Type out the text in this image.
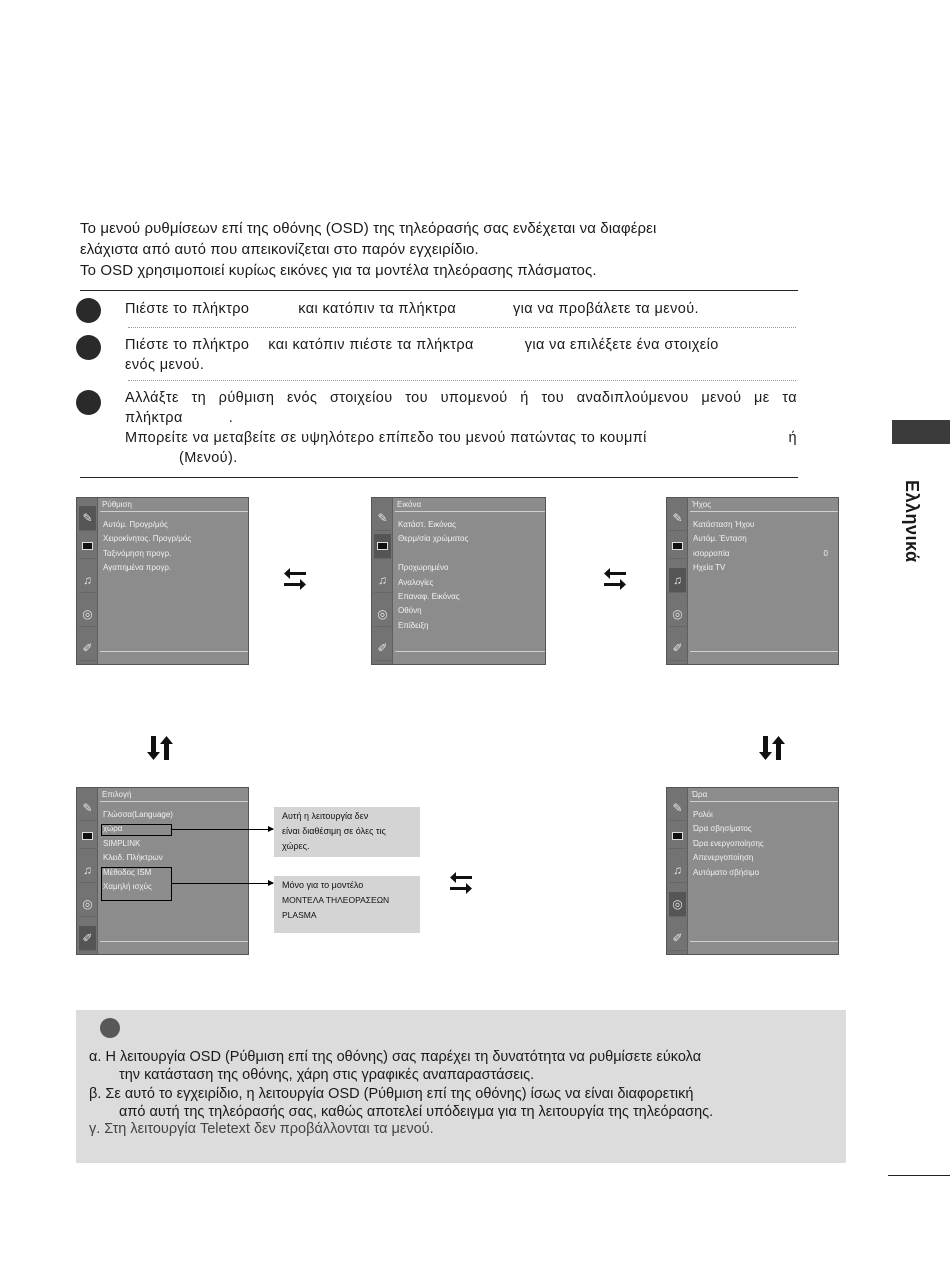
Το μενού ρυθμίσεων επί της οθόνης (OSD) της τηλεόρασής σας ενδέχεται να διαφέρει
ελάχιστα από αυτό που απεικονίζεται στο παρόν εγχειρίδιο.
Το OSD χρησιμοποιεί κυρίως εικόνες για τα μοντέλα τηλεόρασης πλάσματος.
Πιέστε το πλήκτρο	και κατόπιν τα πλήκτρα	για να προβάλετε τα μενού.
Πιέστε το πλήκτρο και κατόπιν πιέστε τα πλήκτρα	για να επιλέξετε ένα στοιχείο
ενός μενού.
Αλλάξτε τη ρύθμιση ενός στοιχείου του υπομενού ή του αναδιπλούμενου μενού με τα
πλήκτρα	.
Μπορείτε να μεταβείτε σε υψηλότερο επίπεδο του μενού πατώντας το κουμπί	ή
(Μενού).
Ελληνικά
✎
♫
◎
✐
Ρύθμιση
Αυτόμ. Προγρ/μός
Χειροκίνητος. Προγρ/μός
Ταξινόμηση προγρ.
Αγαπημένα προγρ.
✎
♫
◎
✐
Εικόνα
Κατάστ. Εικόνας
Θερμ/σία χρώματος
Προχωρημένο
Αναλογίες
Επαναφ. Εικόνας
Οθόνη
Επίδειξη
✎
♫
◎
✐
Ήχος
Κατάσταση Ήχου
Αυτόμ. Ένταση
ισορροπία	0
Ηχεία TV
✎
♫
◎
✐
Επιλογή
Γλώσσα(Language)
χώρα
SIMPLINK
Κλειδ. Πλήκτρων
Μέθοδος ISM
Χαμηλή ισχύς
Αυτή η λειτουργία δεν
είναι διαθέσιμη σε όλες τις
χώρες.
Μόνο για το μοντέλο
ΜΟΝΤΕΛΑ ΤΗΛΕΟΡΑΣΕΩΝ
PLASMA
✎
♫
◎
✐
Ώρα
Ρολόι
Ώρα σβησίματος
Ώρα ενεργοποίησης
Απενεργοποίηση
Αυτόματο σβήσιμο
α. Η λειτουργία OSD (Ρύθμιση επί της οθόνης) σας παρέχει τη δυνατότητα να ρυθμίσετε εύκολα
την κατάσταση της οθόνης, χάρη στις γραφικές αναπαραστάσεις.
β. Σε αυτό το εγχειρίδιο, η λειτουργία OSD (Ρύθμιση επί της οθόνης) ίσως να είναι διαφορετική
από αυτή της τηλεόρασής σας, καθώς αποτελεί υπόδειγμα για τη λειτουργία της τηλεόρασης.
γ. Στη λειτουργία Teletext δεν προβάλλονται τα μενού.
